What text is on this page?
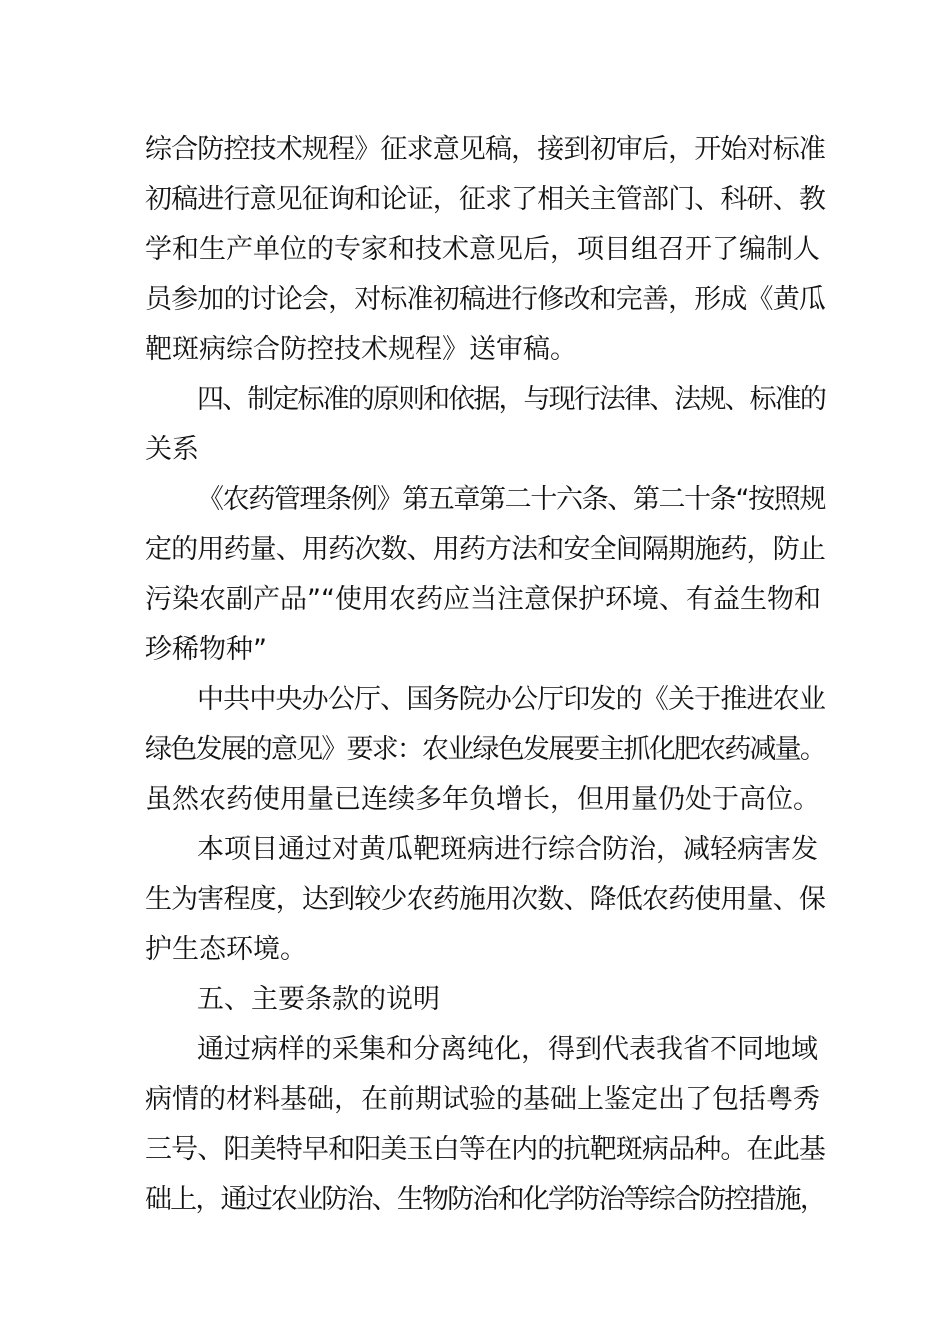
综合防控技术规程》征求意见稿，接到初审后，开始对标准
初稿进行意见征询和论证，征求了相关主管部门、科研、教
学和生产单位的专家和技术意见后，项目组召开了编制人
员参加的讨论会，对标准初稿进行修改和完善，形成《黄瓜
靶斑病综合防控技术规程》送审稿。
四、制定标准的原则和依据，与现行法律、法规、标准的
关系
《农药管理条例》第五章第二十六条、第二十条“按照规
定的用药量、用药次数、用药方法和安全间隔期施药，防止
污染农副产品”“使用农药应当注意保护环境、有益生物和
珍稀物种”
中共中央办公厅、国务院办公厅印发的《关于推进农业
绿色发展的意见》要求：农业绿色发展要主抓化肥农药减量。
虽然农药使用量已连续多年负增长，但用量仍处于高位。
本项目通过对黄瓜靶斑病进行综合防治，减轻病害发
生为害程度，达到较少农药施用次数、降低农药使用量、保
护生态环境。
五、主要条款的说明
通过病样的采集和分离纯化，得到代表我省不同地域
病情的材料基础，在前期试验的基础上鉴定出了包括粤秀
三号、阳美特早和阳美玉白等在内的抗靶斑病品种。在此基
础上，通过农业防治、生物防治和化学防治等综合防控措施，
